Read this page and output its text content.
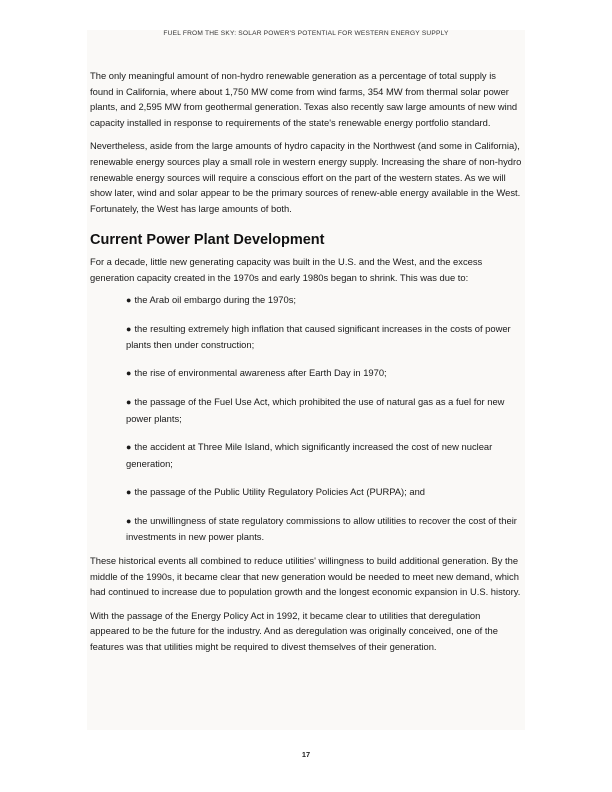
FUEL FROM THE SKY: SOLAR POWER'S POTENTIAL FOR WESTERN ENERGY SUPPLY

The only meaningful amount of non-hydro renewable generation as a percentage of total supply is found in California, where about 1,750 MW come from wind farms, 354 MW from thermal solar power plants, and 2,595 MW from geothermal generation. Texas also recently saw large amounts of new wind capacity installed in response to requirements of the state's renewable energy portfolio standard.

Nevertheless, aside from the large amounts of hydro capacity in the Northwest (and some in California), renewable energy sources play a small role in western energy supply. Increasing the share of non-hydro renewable energy sources will require a conscious effort on the part of the western states. As we will show later, wind and solar appear to be the primary sources of renew-able energy available in the West. Fortunately, the West has large amounts of both.

Current Power Plant Development

For a decade, little new generating capacity was built in the U.S. and the West, and the excess generation capacity created in the 1970s and early 1980s began to shrink. This was due to:

● the Arab oil embargo during the 1970s;
● the resulting extremely high inflation that caused significant increases in the costs of power plants then under construction;
● the rise of environmental awareness after Earth Day in 1970;
● the passage of the Fuel Use Act, which prohibited the use of natural gas as a fuel for new power plants;
● the accident at Three Mile Island, which significantly increased the cost of new nuclear generation;
● the passage of the Public Utility Regulatory Policies Act (PURPA); and
● the unwillingness of state regulatory commissions to allow utilities to recover the cost of their investments in new power plants.

These historical events all combined to reduce utilities' willingness to build additional generation. By the middle of the 1990s, it became clear that new generation would be needed to meet new demand, which had continued to increase due to population growth and the longest economic expansion in U.S. history.

With the passage of the Energy Policy Act in 1992, it became clear to utilities that deregulation appeared to be the future for the industry. And as deregulation was originally conceived, one of the features was that utilities might be required to divest themselves of their generation.

17
